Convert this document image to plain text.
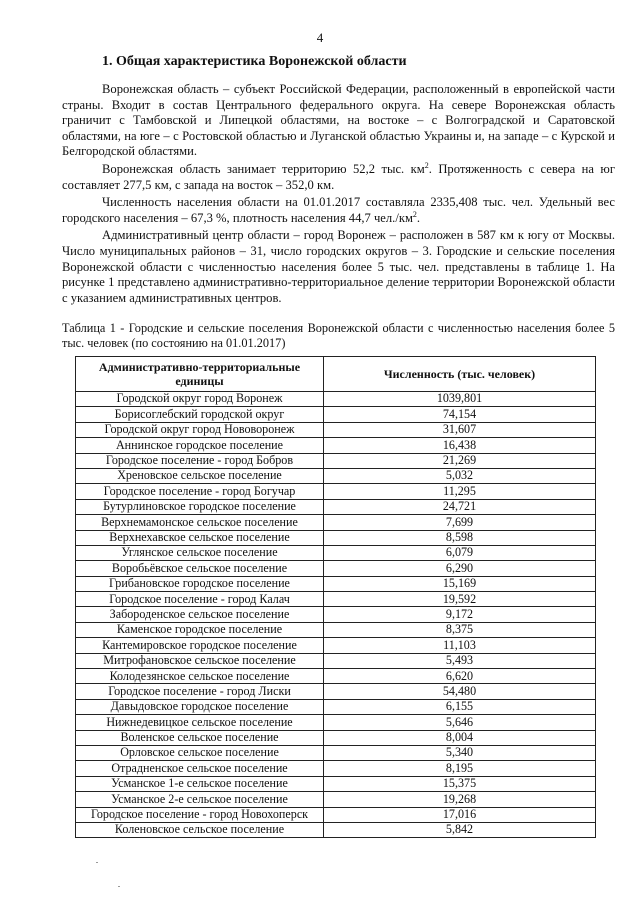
4
1. Общая характеристика Воронежской области

Воронежская область – субъект Российской Федерации, расположенный в европейской части страны. Входит в состав Центрального федерального округа. На севере Воронежская область граничит с Тамбовской и Липецкой областями, на востоке – с Волгоградской и Саратовской областями, на юге – с Ростовской областью и Луганской областью Украины и, на западе – с Курской и Белгородской областями.

Воронежская область занимает территорию 52,2 тыс. $км^2$. Протяженность с севера на юг составляет 277,5 км, с запада на восток – 352,0 км.

Численность населения области на 01.01.2017 составляла 2335,408 тыс. чел. Удельный вес городского населения – 67,3 %, плотность населения 44,7 $чел./км^2$.

Административный центр области – город Воронеж – расположен в 587 км к югу от Москвы. Число муниципальных районов – 31, число городских округов – 3. Городские и сельские поселения Воронежской области с численностью населения более 5 тыс. чел. представлены в таблице 1. На рисунке 1 представлено административно-территориальное деление территории Воронежской области с указанием административных центров.

Таблица 1 - Городские и сельские поселения Воронежской области с численностью населения более 5 тыс. человек (по состоянию на 01.01.2017)
Административно-территориальные единицы	Численность (тыс. человек)
Городской округ город Воронеж	1039,801
Борисоглебский городской округ	74,154
Городской округ город Нововоронеж	31,607
Аннинское городское поселение	16,438
Городское поселение - город Бобров	21,269
Хреновское сельское поселение	5,032
Городское поселение - город Богучар	11,295
Бутурлиновское городское поселение	24,721
Верхнемамонское сельское поселение	7,699
Верхнехавское сельское поселение	8,598
Углянское сельское поселение	6,079
Воробьёвское сельское поселение	6,290
Грибановское городское поселение	15,169
Городское поселение - город Калач	19,592
Забороденское сельское поселение	9,172
Каменское городское поселение	8,375
Кантемировское городское поселение	11,103
Митрофановское сельское поселение	5,493
Колодезянское сельское поселение	6,620
Городское поселение - город Лиски	54,480
Давыдовское городское поселение	6,155
Нижнедевицкое сельское поселение	5,646
Воленское сельское поселение	8,004
Орловское сельское поселение	5,340
Отрадненское сельское поселение	8,195
Усманское 1-е сельское поселение	15,375
Усманское 2-е сельское поселение	19,268
Городское поселение - город Новохоперск	17,016
Коленовское сельское поселение	5,842
